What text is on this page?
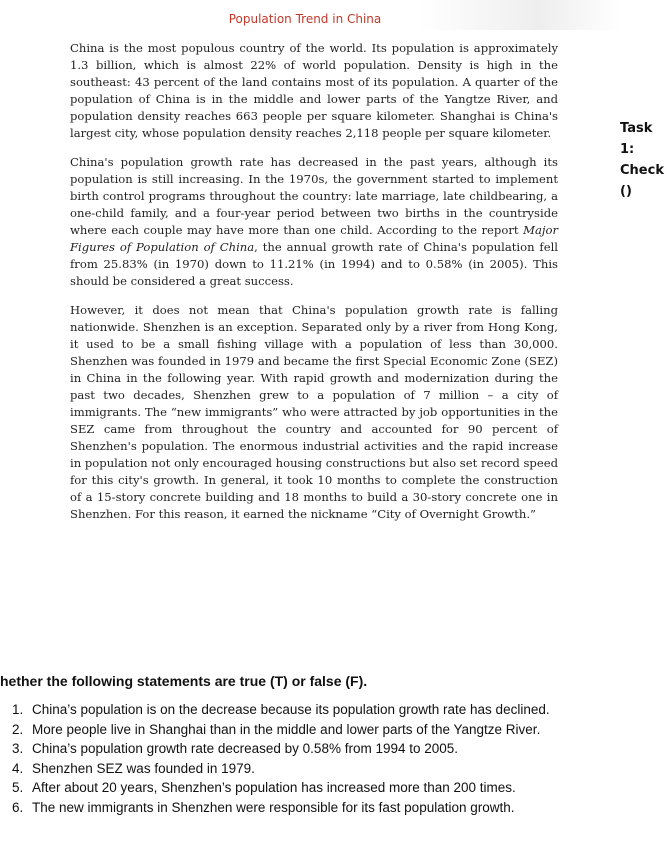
Population Trend in China

China is the most populous country of the world. Its population is approximately 1.3 billion, which is almost 22% of world population. Density is high in the southeast: 43 percent of the land contains most of its population. A quarter of the population of China is in the middle and lower parts of the Yangtze River, and population density reaches 663 people per square kilometer. Shanghai is China's largest city, whose population density reaches 2,118 people per square kilometer.

China's population growth rate has decreased in the past years, although its population is still increasing. In the 1970s, the government started to implement birth control programs throughout the country: late marriage, late childbearing, a one-child family, and a four-year period between two births in the countryside where each couple may have more than one child. According to the report Major Figures of Population of China, the annual growth rate of China's population fell from 25.83% (in 1970) down to 11.21% (in 1994) and to 0.58% (in 2005). This should be considered a great success.

However, it does not mean that China's population growth rate is falling nationwide. Shenzhen is an exception. Separated only by a river from Hong Kong, it used to be a small fishing village with a population of less than 30,000. Shenzhen was founded in 1979 and became the first Special Economic Zone (SEZ) in China in the following year. With rapid growth and modernization during the past two decades, Shenzhen grew to a population of 7 million – a city of immigrants. The “new immigrants” who were attracted by job opportunities in the SEZ came from throughout the country and accounted for 90 percent of Shenzhen's population. The enormous industrial activities and the rapid increase in population not only encouraged housing constructions but also set record speed for this city's growth. In general, it took 10 months to complete the construction of a 15-story concrete building and 18 months to build a 30-story concrete one in Shenzhen. For this reason, it earned the nickname “City of Overnight Growth.”

Task 1:
Check ()
hether the following statements are true (T) or false (F).
1. China’s population is on the decrease because its population growth rate has declined.
2. More people live in Shanghai than in the middle and lower parts of the Yangtze River.
3. China’s population growth rate decreased by 0.58% from 1994 to 2005.
4. Shenzhen SEZ was founded in 1979.
5. After about 20 years, Shenzhen’s population has increased more than 200 times.
6. The new immigrants in Shenzhen were responsible for its fast population growth.
